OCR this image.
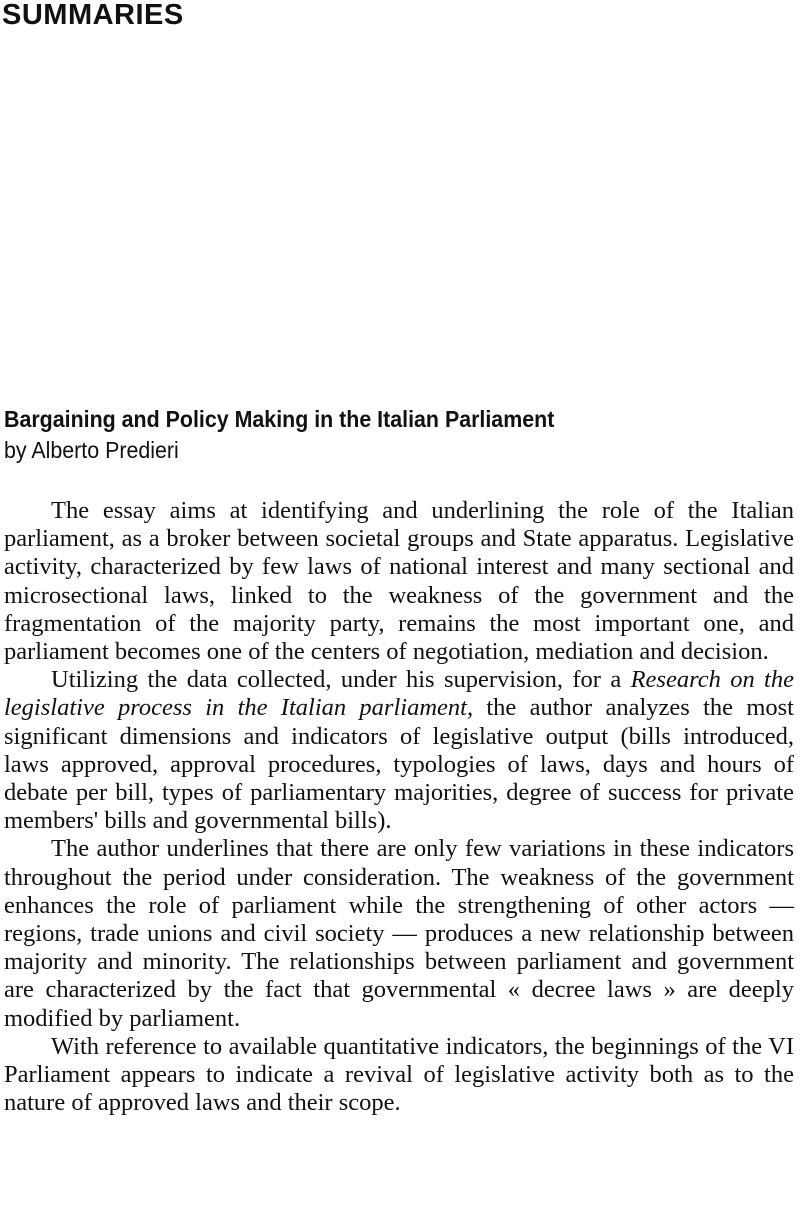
SUMMARIES
Bargaining and Policy Making in the Italian Parliament
by Alberto Predieri

The essay aims at identifying and underlining the role of the Italian parliament, as a broker between societal groups and State apparatus. Legislative activity, characterized by few laws of national interest and many sectional and microsectional laws, linked to the weakness of the government and the fragmentation of the majority party, remains the most important one, and parliament becomes one of the centers of negotiation, mediation and decision.

Utilizing the data collected, under his supervision, for a Research on the legislative process in the Italian parliament, the author analyzes the most significant dimensions and indicators of legislative output (bills introduced, laws approved, approval procedures, typologies of laws, days and hours of debate per bill, types of parliamentary majorities, degree of success for private members' bills and governmental bills).

The author underlines that there are only few variations in these indicators throughout the period under consideration. The weakness of the government enhances the role of parliament while the strengthening of other actors — regions, trade unions and civil society — produces a new relationship between majority and minority. The relationships between parliament and government are characterized by the fact that governmental « decree laws » are deeply modified by parliament.

With reference to available quantitative indicators, the beginnings of the VI Parliament appears to indicate a revival of legislative activity both as to the nature of approved laws and their scope.
